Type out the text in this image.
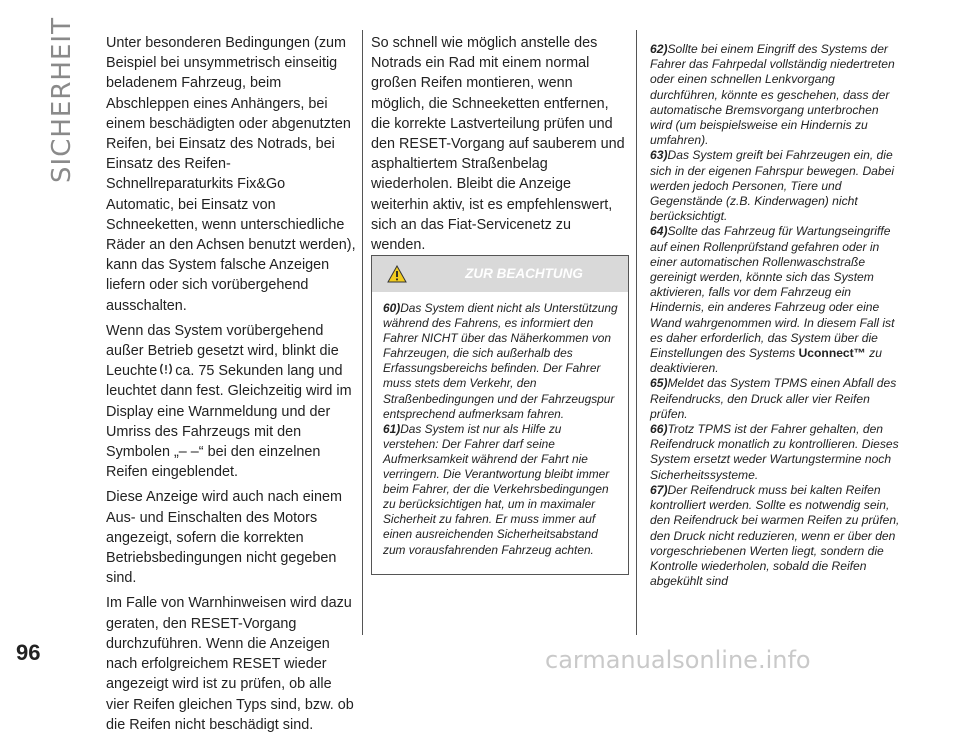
SICHERHEIT Unter besonderen Bedingungen (zum Beispiel bei unsymmetrisch einseitig beladenem Fahrzeug, beim Abschleppen eines Anhängers, bei einem beschädigten oder abgenutzten Reifen, bei Einsatz des Notrads, bei Einsatz des Reifen-Schnellreparaturkits Fix&Go Automatic, bei Einsatz von Schneeketten, wenn unterschiedliche Räder an den Achsen benutzt werden), kann das System falsche Anzeigen liefern oder sich vorübergehend ausschalten.

Wenn das System vorübergehend außer Betrieb gesetzt wird, blinkt die Leuchte ca. 75 Sekunden lang und leuchtet dann fest. Gleichzeitig wird im Display eine Warnmeldung und der Umriss des Fahrzeugs mit den Symbolen „– –“ bei den einzelnen Reifen eingeblendet.

Diese Anzeige wird auch nach einem Aus- und Einschalten des Motors angezeigt, sofern die korrekten Betriebsbedingungen nicht gegeben sind.

Im Falle von Warnhinweisen wird dazu geraten, den RESET-Vorgang durchzuführen. Wenn die Anzeigen nach erfolgreichem RESET wieder angezeigt wird ist zu prüfen, ob alle vier Reifen gleichen Typs sind, bzw. ob die Reifen nicht beschädigt sind.

So schnell wie möglich anstelle des Notrads ein Rad mit einem normal großen Reifen montieren, wenn möglich, die Schneeketten entfernen, die korrekte Lastverteilung prüfen und den RESET-Vorgang auf sauberem und asphaltiertem Straßenbelag wiederholen. Bleibt die Anzeige weiterhin aktiv, ist es empfehlenswert, sich an das Fiat-Servicenetz zu wenden.

ZUR BEACHTUNG
60)Das System dient nicht als Unterstützung während des Fahrens, es informiert den Fahrer NICHT über das Näherkommen von Fahrzeugen, die sich außerhalb des Erfassungsbereichs befinden. Der Fahrer muss stets dem Verkehr, den Straßenbedingungen und der Fahrzeugspur entsprechend aufmerksam fahren.
61)Das System ist nur als Hilfe zu verstehen: Der Fahrer darf seine Aufmerksamkeit während der Fahrt nie verringern. Die Verantwortung bleibt immer beim Fahrer, der die Verkehrsbedingungen zu berücksichtigen hat, um in maximaler Sicherheit zu fahren. Er muss immer auf einen ausreichenden Sicherheitsabstand zum vorausfahrenden Fahrzeug achten.
62)Sollte bei einem Eingriff des Systems der Fahrer das Fahrpedal vollständig niedertreten oder einen schnellen Lenkvorgang durchführen, könnte es geschehen, dass der automatische Bremsvorgang unterbrochen wird (um beispielsweise ein Hindernis zu umfahren).
63)Das System greift bei Fahrzeugen ein, die sich in der eigenen Fahrspur bewegen. Dabei werden jedoch Personen, Tiere und Gegenstände (z.B. Kinderwagen) nicht berücksichtigt.
64)Sollte das Fahrzeug für Wartungseingriffe auf einen Rollenprüfstand gefahren oder in einer automatischen Rollenwaschstraße gereinigt werden, könnte sich das System aktivieren, falls vor dem Fahrzeug ein Hindernis, ein anderes Fahrzeug oder eine Wand wahrgenommen wird. In diesem Fall ist es daher erforderlich, das System über die Einstellungen des Systems Uconnect™ zu deaktivieren.
65)Meldet das System TPMS einen Abfall des Reifendrucks, den Druck aller vier Reifen prüfen.
66)Trotz TPMS ist der Fahrer gehalten, den Reifendruck monatlich zu kontrollieren. Dieses System ersetzt weder Wartungstermine noch Sicherheitssysteme.
67)Der Reifendruck muss bei kalten Reifen kontrolliert werden. Sollte es notwendig sein, den Reifendruck bei warmen Reifen zu prüfen, den Druck nicht reduzieren, wenn er über den vorgeschriebenen Werten liegt, sondern die Kontrolle wiederholen, sobald die Reifen abgekühlt sind
96	carmanualsonline.info
